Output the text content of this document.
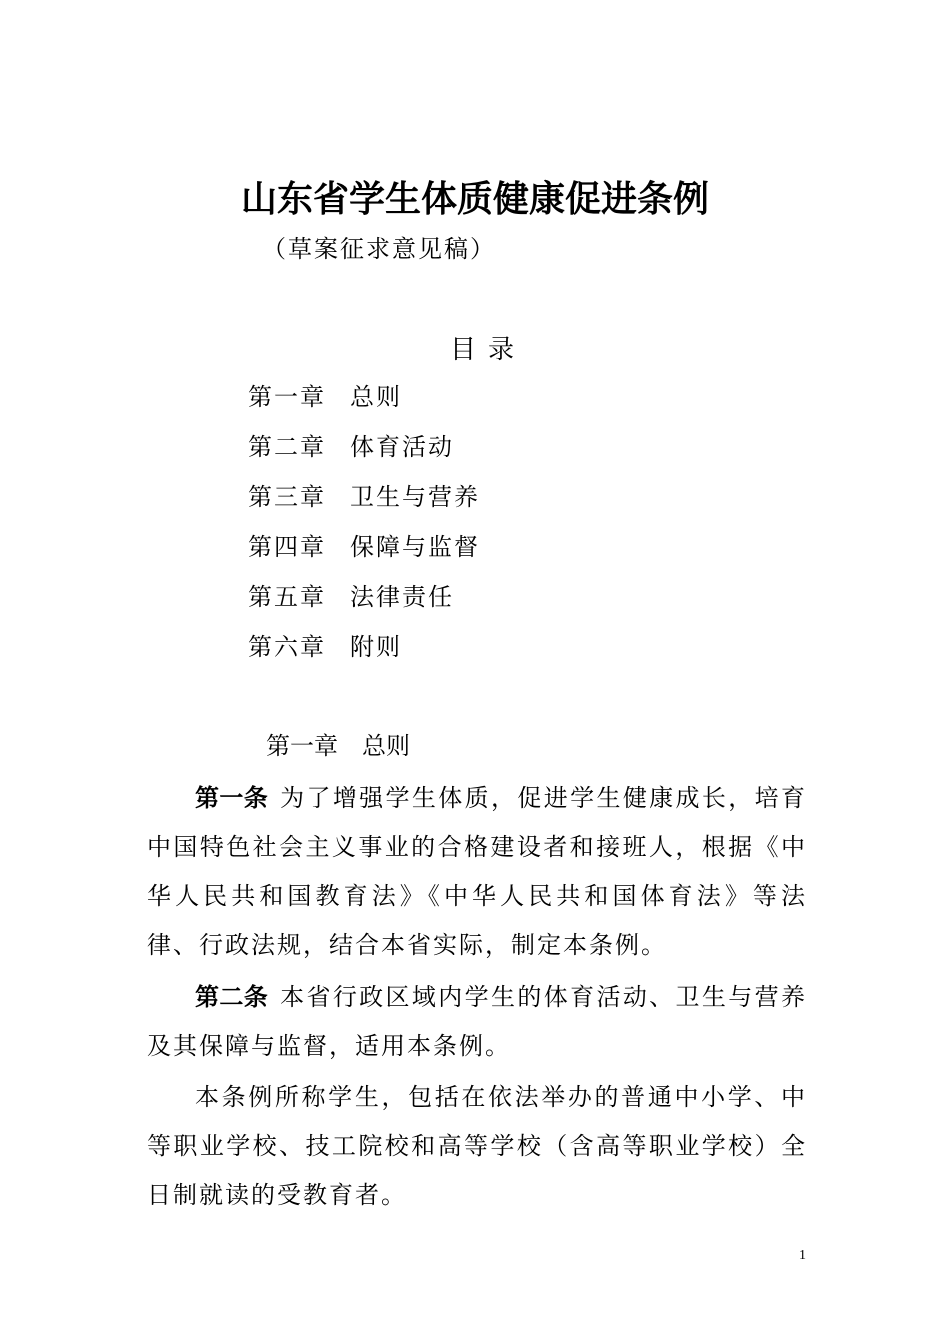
山东省学生体质健康促进条例
（草案征求意见稿）
目录
第一章 总则
第二章 体育活动
第三章 卫生与营养
第四章 保障与监督
第五章 法律责任
第六章 附则
第一章　总则

第一条 为了增强学生体质，促进学生健康成长，培育中国特色社会主义事业的合格建设者和接班人，根据《中华人民共和国教育法》《中华人民共和国体育法》等法律、行政法规，结合本省实际，制定本条例。

第二条 本省行政区域内学生的体育活动、卫生与营养及其保障与监督，适用本条例。

本条例所称学生，包括在依法举办的普通中小学、中等职业学校、技工院校和高等学校（含高等职业学校）全日制就读的受教育者。

1
